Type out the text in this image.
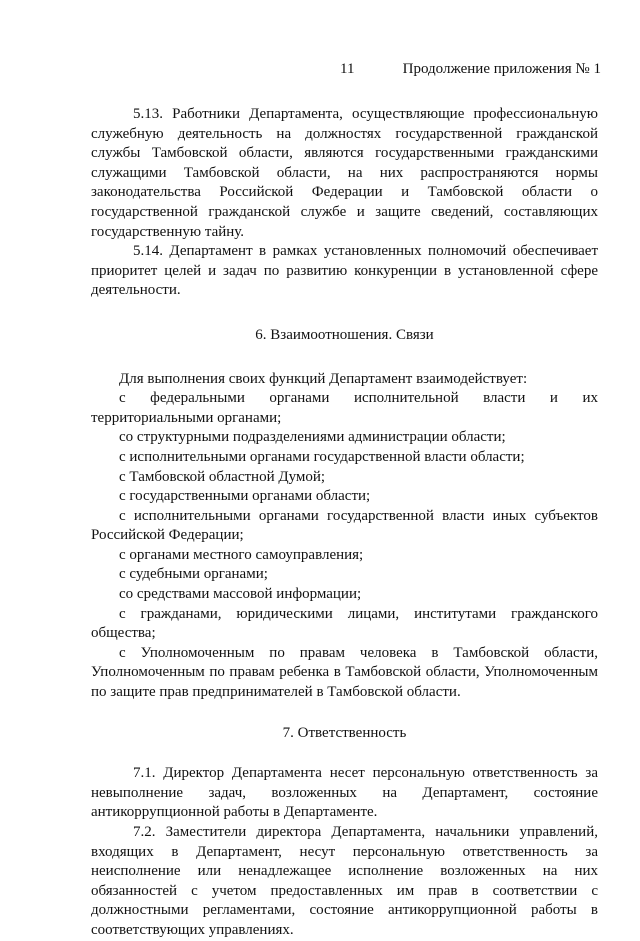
11	Продолжение приложения № 1

5.13. Работники Департамента, осуществляющие профессиональную служебную деятельность на должностях государственной гражданской службы Тамбовской области, являются государственными гражданскими служащими Тамбовской области, на них распространяются нормы законодательства Российской Федерации и Тамбовской области о государственной гражданской службе и защите сведений, составляющих государственную тайну.

5.14. Департамент в рамках установленных полномочий обеспечивает приоритет целей и задач по развитию конкуренции в установленной сфере деятельности.

6. Взаимоотношения. Связи

Для выполнения своих функций Департамент взаимодействует:

с федеральными органами исполнительной власти и их территориальными органами;

со структурными подразделениями администрации области;

с исполнительными органами государственной власти области;

с Тамбовской областной Думой;

с государственными органами области;

с исполнительными органами государственной власти иных субъектов Российской Федерации;

с органами местного самоуправления;

с судебными органами;

со средствами массовой информации;

с гражданами, юридическими лицами, институтами гражданского общества;

с Уполномоченным по правам человека в Тамбовской области, Уполномоченным по правам ребенка в Тамбовской области, Уполномоченным по защите прав предпринимателей в Тамбовской области.

7. Ответственность

7.1. Директор Департамента несет персональную ответственность за невыполнение задач, возложенных на Департамент, состояние антикоррупционной работы в Департаменте.

7.2. Заместители директора Департамента, начальники управлений, входящих в Департамент, несут персональную ответственность за неисполнение или ненадлежащее исполнение возложенных на них обязанностей с учетом предоставленных им прав в соответствии с должностными регламентами, состояние антикоррупционной работы в соответствующих управлениях.
